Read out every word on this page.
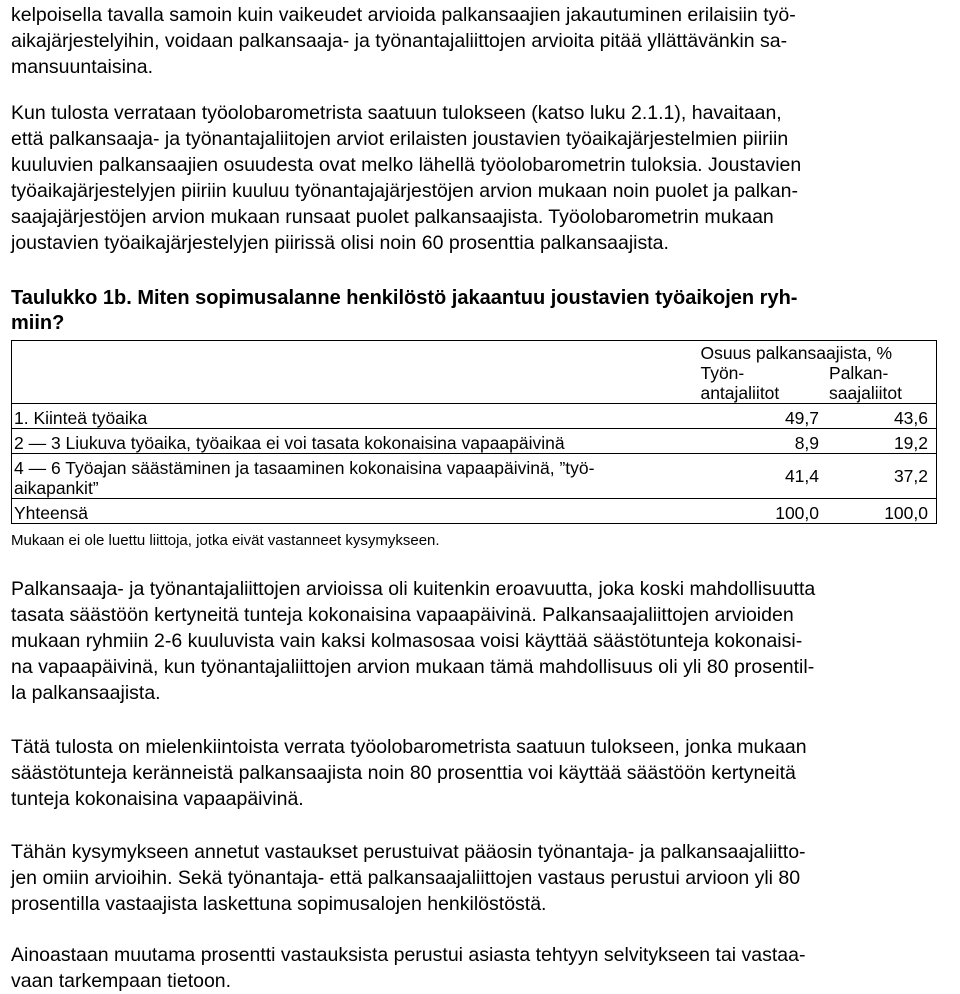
kelpoisella tavalla samoin kuin vaikeudet arvioida palkansaajien jakautuminen erilaisiin työ-
aikajärjestelyihin, voidaan palkansaaja- ja työnantajaliittojen arvioita pitää yllättävänkin sa-
mansuuntaisina.

Kun tulosta verrataan työolobarometrista saatuun tulokseen (katso luku 2.1.1), havaitaan,
että palkansaaja- ja työnantajaliitojen arviot erilaisten joustavien työaikajärjestelmien piiriin
kuuluvien palkansaajien osuudesta ovat melko lähellä työolobarometrin tuloksia. Joustavien
työaikajärjestelyjen piiriin kuuluu työnantajajärjestöjen arvion mukaan noin puolet ja palkan-
saajajärjestöjen arvion mukaan runsaat puolet palkansaajista. Työolobarometrin mukaan
joustavien työaikajärjestelyjen piirissä olisi noin 60 prosenttia palkansaajista.

Taulukko 1b. Miten sopimusalanne henkilöstö jakaantuu joustavien työaikojen ryh-
miin?

	Osuus palkansaajista, %	
	Työn-
antajaliitot	Palkan-
saajaliitot
1. Kiinteä työaika	49,7	43,6
2 — 3 Liukuva työaika, työaikaa ei voi tasata kokonaisina vapaapäivinä	8,9	19,2
4 — 6 Työajan säästäminen ja tasaaminen kokonaisina vapaapäivinä, ”työ-
aikapankit”	41,4	37,2
Yhteensä	100,0	100,0

Mukaan ei ole luettu liittoja, jotka eivät vastanneet kysymykseen.

Palkansaaja- ja työnantajaliittojen arvioissa oli kuitenkin eroavuutta, joka koski mahdollisuutta
tasata säästöön kertyneitä tunteja kokonaisina vapaapäivinä. Palkansaajaliittojen arvioiden
mukaan ryhmiin 2-6 kuuluvista vain kaksi kolmasosaa voisi käyttää säästötunteja kokonaisi-
na vapaapäivinä, kun työnantajaliittojen arvion mukaan tämä mahdollisuus oli yli 80 prosentil-
la palkansaajista.

Tätä tulosta on mielenkiintoista verrata työolobarometrista saatuun tulokseen, jonka mukaan
säästötunteja keränneistä palkansaajista noin 80 prosenttia voi käyttää säästöön kertyneitä
tunteja kokonaisina vapaapäivinä.

Tähän kysymykseen annetut vastaukset perustuivat pääosin työnantaja- ja palkansaajaliitto-
jen omiin arvioihin. Sekä työnantaja- että palkansaajaliittojen vastaus perustui arvioon yli 80
prosentilla vastaajista laskettuna sopimusalojen henkilöstöstä.

Ainoastaan muutama prosentti vastauksista perustui asiasta tehtyyn selvitykseen tai vastaa-
vaan tarkempaan tietoon.
